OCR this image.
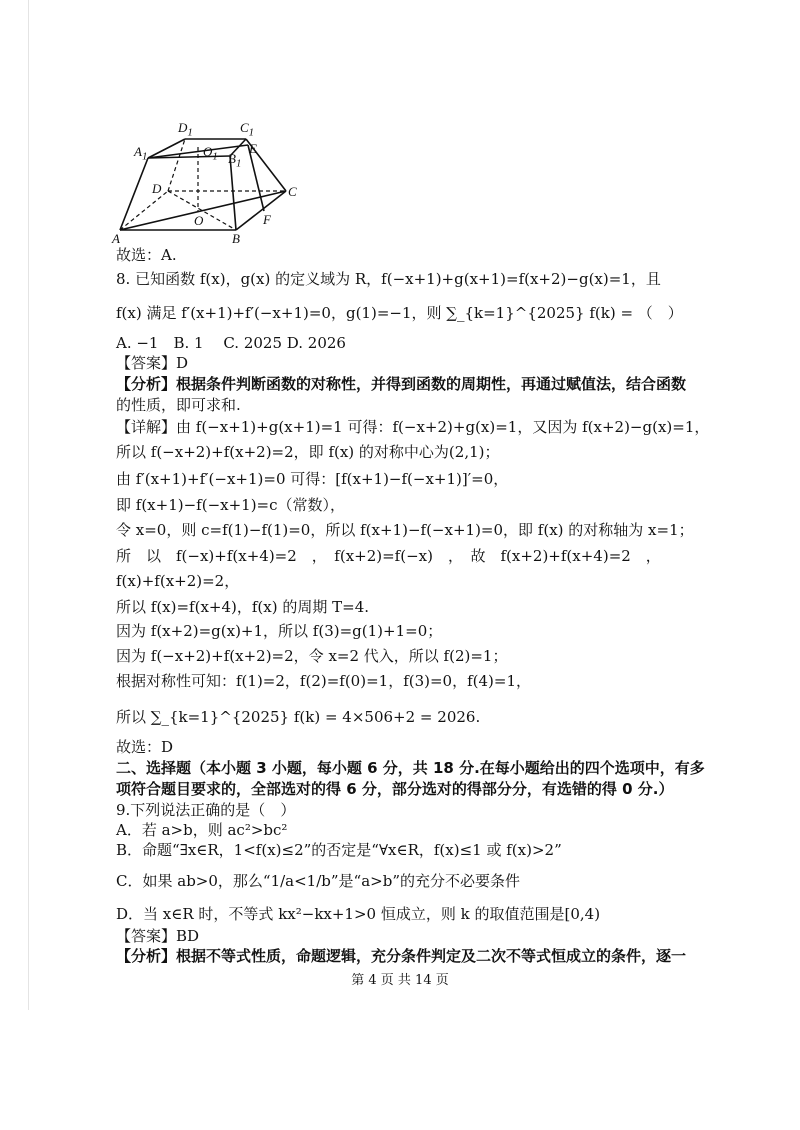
$D_1$	$C_1$
$A_1$	$O_1$
E
$B_1$
D	C
O	F
A	B
故选：A.
8. 已知函数 f(x)，g(x) 的定义域为 R，f(−x+1)+g(x+1)=f(x+2)−g(x)=1，且
f(x) 满足 f′(x+1)+f′(−x+1)=0，g(1)=−1，则 ∑_{k=1}^{2025} f(k) = （　）
A. −1　B. 1　 C. 2025 D. 2026
【答案】D
【分析】根据条件判断函数的对称性，并得到函数的周期性，再通过赋值法，结合函数
的性质，即可求和.
【详解】由 f(−x+1)+g(x+1)=1 可得：f(−x+2)+g(x)=1，又因为 f(x+2)−g(x)=1，
所以 f(−x+2)+f(x+2)=2，即 f(x) 的对称中心为(2,1)；
由 f′(x+1)+f′(−x+1)=0 可得：[f(x+1)−f(−x+1)]′=0，
即 f(x+1)−f(−x+1)=c（常数），
令 x=0，则 c=f(1)−f(1)=0，所以 f(x+1)−f(−x+1)=0，即 f(x) 的对称轴为 x=1；
所　以　f(−x)+f(x+4)=2　，　f(x+2)=f(−x)　，　故　f(x+2)+f(x+4)=2　，
f(x)+f(x+2)=2，
所以 f(x)=f(x+4)，f(x) 的周期 T=4.
因为 f(x+2)=g(x)+1，所以 f(3)=g(1)+1=0；
因为 f(−x+2)+f(x+2)=2，令 x=2 代入，所以 f(2)=1；
根据对称性可知：f(1)=2，f(2)=f(0)=1，f(3)=0，f(4)=1，
所以 ∑_{k=1}^{2025} f(k) = 4×506+2 = 2026.
故选：D
二、选择题（本小题 3 小题，每小题 6 分，共 18 分.在每小题给出的四个选项中，有多
项符合题目要求的，全部选对的得 6 分，部分选对的得部分分，有选错的得 0 分.）
9.下列说法正确的是（　）
A．若 a>b，则 ac²>bc²
B．命题“∃x∈R，1<f(x)≤2”的否定是“∀x∈R，f(x)≤1 或 f(x)>2”
C．如果 ab>0，那么“1/a<1/b”是“a>b”的充分不必要条件
D．当 x∈R 时，不等式 kx²−kx+1>0 恒成立，则 k 的取值范围是[0,4)
【答案】BD
【分析】根据不等式性质，命题逻辑，充分条件判定及二次不等式恒成立的条件，逐一
第 4 页 共 14 页
